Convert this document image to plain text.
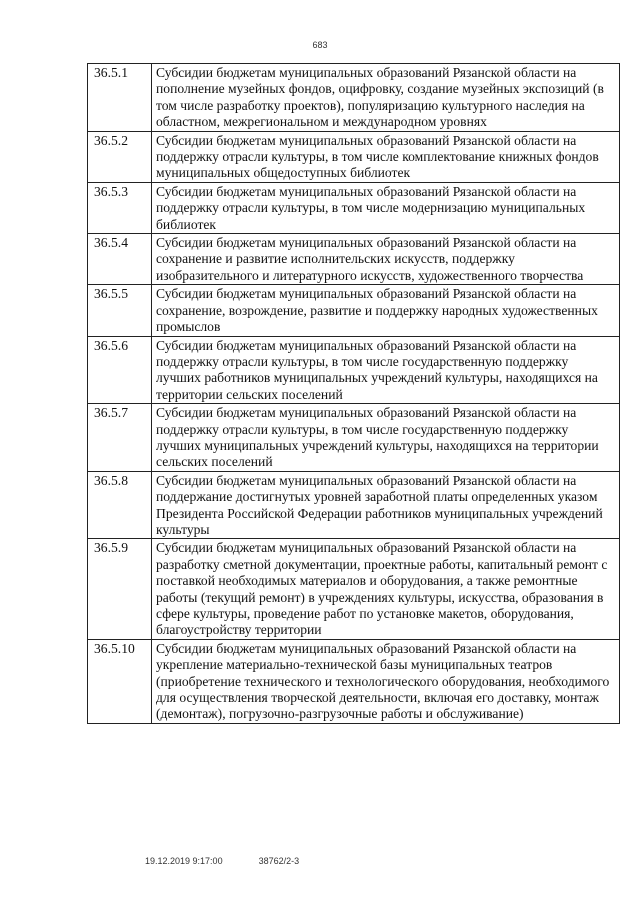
683
36.5.1	Субсидии бюджетам муниципальных образований Рязанской области на пополнение музейных фондов, оцифровку, создание музейных экспозиций (в том числе разработку проектов), популяризацию культурного наследия на областном, межрегиональном и международном уровнях
36.5.2	Субсидии бюджетам муниципальных образований Рязанской области на поддержку отрасли культуры, в том числе комплектование книжных фондов муниципальных общедоступных библиотек
36.5.3	Субсидии бюджетам муниципальных образований Рязанской области на поддержку отрасли культуры, в том числе модернизацию муниципальных библиотек
36.5.4	Субсидии бюджетам муниципальных образований Рязанской области на сохранение и развитие исполнительских искусств, поддержку изобразительного и литературного искусств, художественного творчества
36.5.5	Субсидии бюджетам муниципальных образований Рязанской области на сохранение, возрождение, развитие и поддержку народных художественных промыслов
36.5.6	Субсидии бюджетам муниципальных образований Рязанской области на поддержку отрасли культуры, в том числе государственную поддержку лучших работников муниципальных учреждений культуры, находящихся на территории сельских поселений
36.5.7	Субсидии бюджетам муниципальных образований Рязанской области на поддержку отрасли культуры, в том числе государственную поддержку лучших муниципальных учреждений культуры, находящихся на территории сельских поселений
36.5.8	Субсидии бюджетам муниципальных образований Рязанской области на поддержание достигнутых уровней заработной платы определенных указом Президента Российской Федерации работников муниципальных учреждений культуры
36.5.9	Субсидии бюджетам муниципальных образований Рязанской области на разработку сметной документации, проектные работы, капитальный ремонт с поставкой необходимых материалов и оборудования, а также ремонтные работы (текущий ремонт) в учреждениях культуры, искусства, образования в сфере культуры, проведение работ по установке макетов, оборудования, благоустройству территории
36.5.10	Субсидии бюджетам муниципальных образований Рязанской области на укрепление материально-технической базы муниципальных театров (приобретение технического и технологического оборудования, необходимого для осуществления творческой деятельности, включая его доставку, монтаж (демонтаж), погрузочно-разгрузочные работы и обслуживание)
19.12.2019 9:17:00	38762/2-3
